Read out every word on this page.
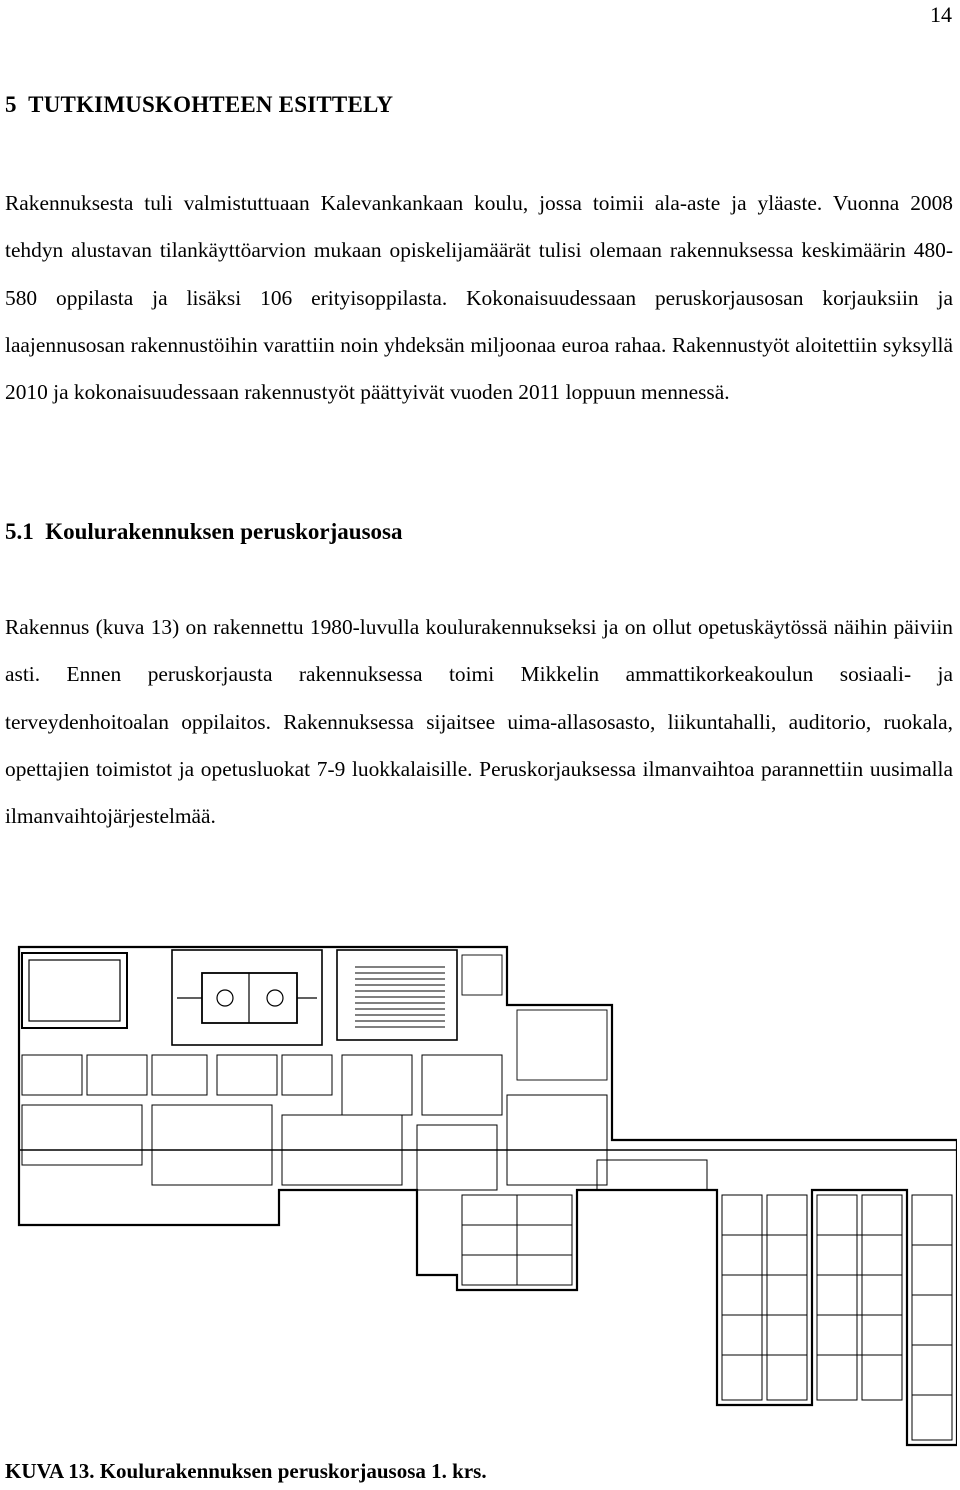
14
5  TUTKIMUSKOHTEEN ESITTELY

Rakennuksesta tuli valmistuttuaan Kalevankankaan koulu, jossa toimii ala-aste ja yläaste. Vuonna 2008 tehdyn alustavan tilankäyttöarvion mukaan opiskelijamäärät tulisi olemaan rakennuksessa keskimäärin 480-580 oppilasta ja lisäksi 106 erityisoppilasta. Kokonaisuudessaan peruskorjausosan korjauksiin ja laajennusosan rakennustöihin varattiin noin yhdeksän miljoonaa euroa rahaa. Rakennustyöt aloitettiin syksyllä 2010 ja kokonaisuudessaan rakennustyöt päättyivät vuoden 2011 loppuun mennessä.

5.1  Koulurakennuksen peruskorjausosa

Rakennus (kuva 13) on rakennettu 1980-luvulla koulurakennukseksi ja on ollut opetuskäytössä näihin päiviin asti. Ennen peruskorjausta rakennuksessa toimi Mikkelin ammattikorkeakoulun sosiaali- ja terveydenhoitoalan oppilaitos. Rakennuksessa sijaitsee uima-allasosasto, liikuntahalli, auditorio, ruokala, opettajien toimistot ja opetusluokat 7-9 luokkalaisille. Peruskorjauksessa ilmanvaihtoa parannettiin uusimalla ilmanvaihtojärjestelmää.

KUVA 13. Koulurakennuksen peruskorjausosa 1. krs.
